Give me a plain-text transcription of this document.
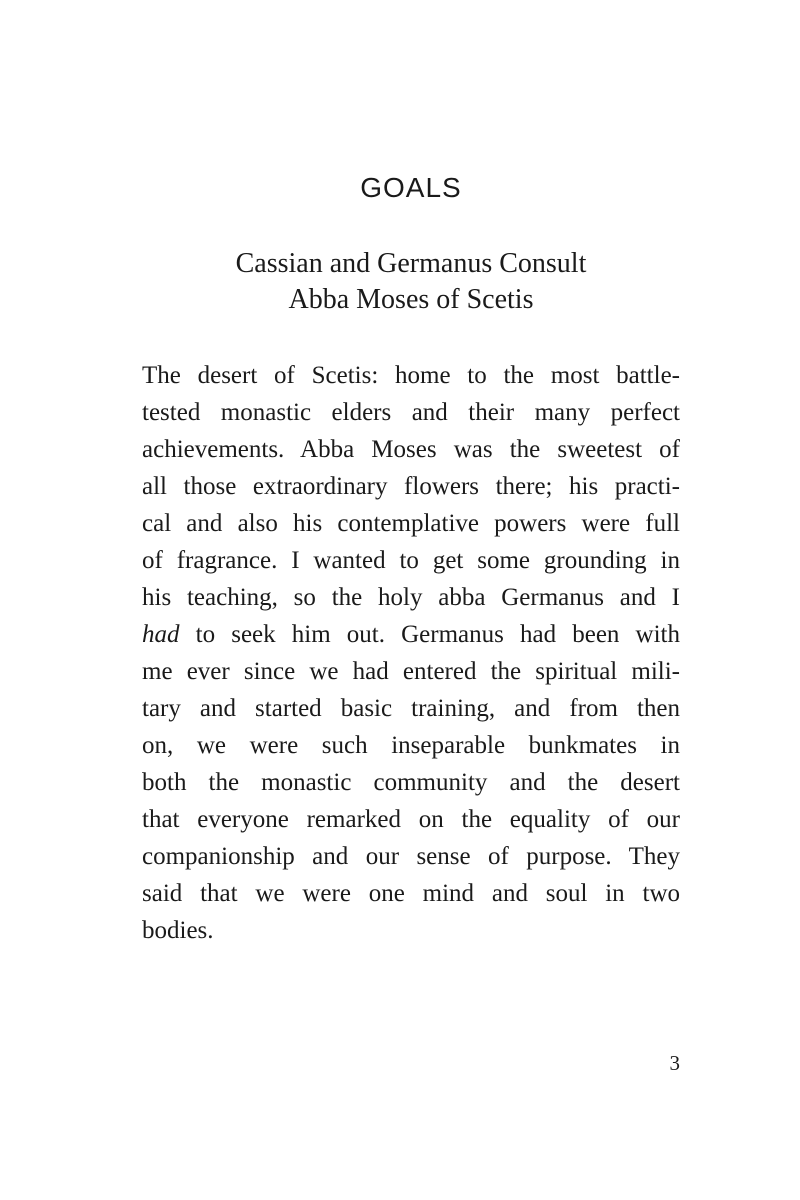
GOALS
Cassian and Germanus Consult
Abba Moses of Scetis
The desert of Scetis: home to the most battle-
tested monastic elders and their many perfect
achievements. Abba Moses was the sweetest of
all those extraordinary flowers there; his practi-
cal and also his contemplative powers were full
of fragrance. I wanted to get some grounding in
his teaching, so the holy abba Germanus and I
had to seek him out. Germanus had been with
me ever since we had entered the spiritual mili-
tary and started basic training, and from then
on, we were such inseparable bunkmates in
both the monastic community and the desert
that everyone remarked on the equality of our
companionship and our sense of purpose. They
said that we were one mind and soul in two
bodies.
3
